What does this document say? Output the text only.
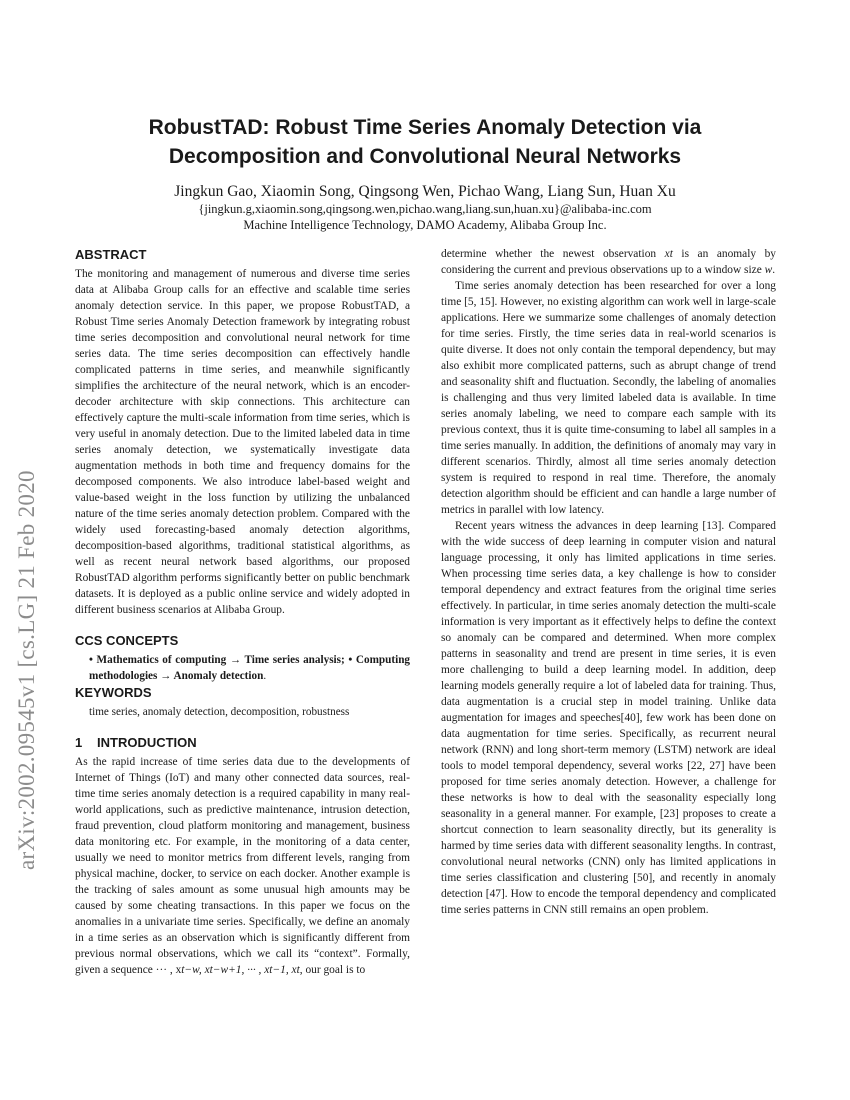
arXiv:2002.09545v1 [cs.LG] 21 Feb 2020
RobustTAD: Robust Time Series Anomaly Detection via
Decomposition and Convolutional Neural Networks
Jingkun Gao, Xiaomin Song, Qingsong Wen, Pichao Wang, Liang Sun, Huan Xu
{jingkun.g,xiaomin.song,qingsong.wen,pichao.wang,liang.sun,huan.xu}@alibaba-inc.com
Machine Intelligence Technology, DAMO Academy, Alibaba Group Inc.
ABSTRACT

The monitoring and management of numerous and diverse time series data at Alibaba Group calls for an effective and scalable time series anomaly detection service. In this paper, we propose RobustTAD, a Robust Time series Anomaly Detection framework by integrating robust time series decomposition and convolutional neural network for time series data. The time series decomposition can effectively handle complicated patterns in time series, and meanwhile significantly simplifies the architecture of the neural network, which is an encoder-decoder architecture with skip connections. This architecture can effectively capture the multi-scale information from time series, which is very useful in anomaly detection. Due to the limited labeled data in time series anomaly detection, we systematically investigate data augmentation methods in both time and frequency domains for the decomposed components. We also introduce label-based weight and value-based weight in the loss function by utilizing the unbalanced nature of the time series anomaly detection problem. Compared with the widely used forecasting-based anomaly detection algorithms, decomposition-based algorithms, traditional statistical algorithms, as well as recent neural network based algorithms, our proposed RobustTAD algorithm performs significantly better on public benchmark datasets. It is deployed as a public online service and widely adopted in different business scenarios at Alibaba Group.

CCS CONCEPTS
• Mathematics of computing → Time series analysis; • Computing methodologies → Anomaly detection.
KEYWORDS
time series, anomaly detection, decomposition, robustness
1 INTRODUCTION

As the rapid increase of time series data due to the developments of Internet of Things (IoT) and many other connected data sources, real-time time series anomaly detection is a required capability in many real-world applications, such as predictive maintenance, intrusion detection, fraud prevention, cloud platform monitoring and management, business data monitoring etc. For example, in the monitoring of a data center, usually we need to monitor metrics from different levels, ranging from physical machine, docker, to service on each docker. Another example is the tracking of sales amount as some unusual high amounts may be caused by some cheating transactions. In this paper we focus on the anomalies in a univariate time series. Specifically, we define an anomaly in a time series as an observation which is significantly different from previous normal observations, which we call its “context”. Formally, given a sequence ··· , xt−w, xt−w+1, ··· , xt−1, xt, our goal is to

determine whether the newest observation xt is an anomaly by considering the current and previous observations up to a window size w.

Time series anomaly detection has been researched for over a long time [5, 15]. However, no existing algorithm can work well in large-scale applications. Here we summarize some challenges of anomaly detection for time series. Firstly, the time series data in real-world scenarios is quite diverse. It does not only contain the temporal dependency, but may also exhibit more complicated patterns, such as abrupt change of trend and seasonality shift and fluctuation. Secondly, the labeling of anomalies is challenging and thus very limited labeled data is available. In time series anomaly labeling, we need to compare each sample with its previous context, thus it is quite time-consuming to label all samples in a time series manually. In addition, the definitions of anomaly may vary in different scenarios. Thirdly, almost all time series anomaly detection system is required to respond in real time. Therefore, the anomaly detection algorithm should be efficient and can handle a large number of metrics in parallel with low latency.

Recent years witness the advances in deep learning [13]. Compared with the wide success of deep learning in computer vision and natural language processing, it only has limited applications in time series. When processing time series data, a key challenge is how to consider temporal dependency and extract features from the original time series effectively. In particular, in time series anomaly detection the multi-scale information is very important as it effectively helps to define the context so anomaly can be compared and determined. When more complex patterns in seasonality and trend are present in time series, it is even more challenging to build a deep learning model. In addition, deep learning models generally require a lot of labeled data for training. Thus, data augmentation is a crucial step in model training. Unlike data augmentation for images and speeches[40], few work has been done on data augmentation for time series. Specifically, as recurrent neural network (RNN) and long short-term memory (LSTM) network are ideal tools to model temporal dependency, several works [22, 27] have been proposed for time series anomaly detection. However, a challenge for these networks is how to deal with the seasonality especially long seasonality in a general manner. For example, [23] proposes to create a shortcut connection to learn seasonality directly, but its generality is harmed by time series data with different seasonality lengths. In contrast, convolutional neural networks (CNN) only has limited applications in time series classification and clustering [50], and recently in anomaly detection [47]. How to encode the temporal dependency and complicated time series patterns in CNN still remains an open problem.
